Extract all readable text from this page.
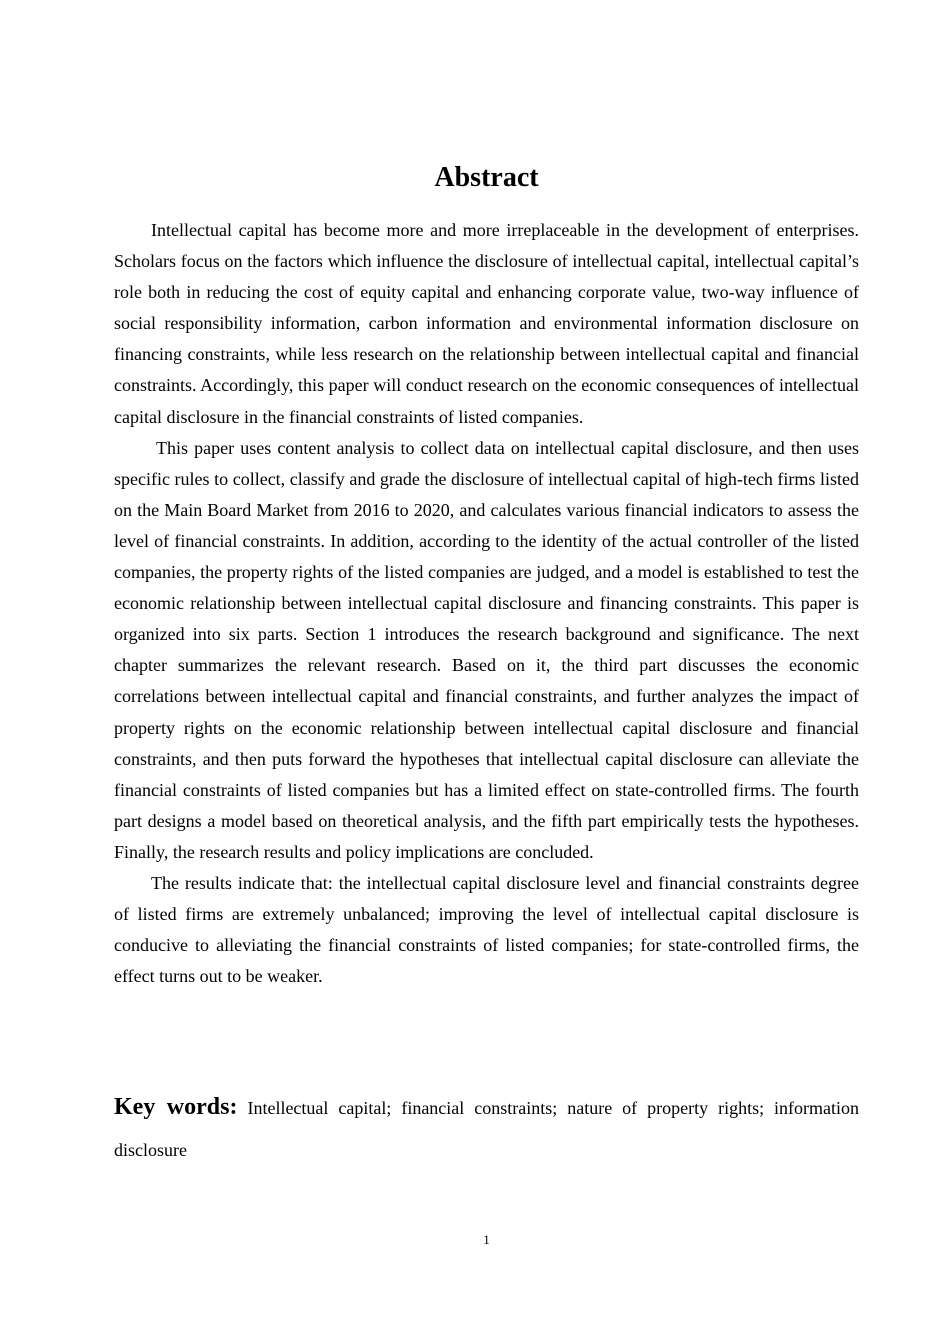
Abstract

Intellectual capital has become more and more irreplaceable in the development of enterprises. Scholars focus on the factors which influence the disclosure of intellectual capital, intellectual capital’s role both in reducing the cost of equity capital and enhancing corporate value, two-way influence of social responsibility information, carbon information and environmental information disclosure on financing constraints, while less research on the relationship between intellectual capital and financial constraints. Accordingly, this paper will conduct research on the economic consequences of intellectual capital disclosure in the financial constraints of listed companies.

This paper uses content analysis to collect data on intellectual capital disclosure, and then uses specific rules to collect, classify and grade the disclosure of intellectual capital of high-tech firms listed on the Main Board Market from 2016 to 2020, and calculates various financial indicators to assess the level of financial constraints. In addition, according to the identity of the actual controller of the listed companies, the property rights of the listed companies are judged, and a model is established to test the economic relationship between intellectual capital disclosure and financing constraints. This paper is organized into six parts. Section 1 introduces the research background and significance. The next chapter summarizes the relevant research. Based on it, the third part discusses the economic correlations between intellectual capital and financial constraints, and further analyzes the impact of property rights on the economic relationship between intellectual capital disclosure and financial constraints, and then puts forward the hypotheses that intellectual capital disclosure can alleviate the financial constraints of listed companies but has a limited effect on state-controlled firms. The fourth part designs a model based on theoretical analysis, and the fifth part empirically tests the hypotheses. Finally, the research results and policy implications are concluded.

The results indicate that: the intellectual capital disclosure level and financial constraints degree of listed firms are extremely unbalanced; improving the level of intellectual capital disclosure is conducive to alleviating the financial constraints of listed companies; for state-controlled firms, the effect turns out to be weaker.

Key words: Intellectual capital; financial constraints; nature of property rights; information disclosure

1
